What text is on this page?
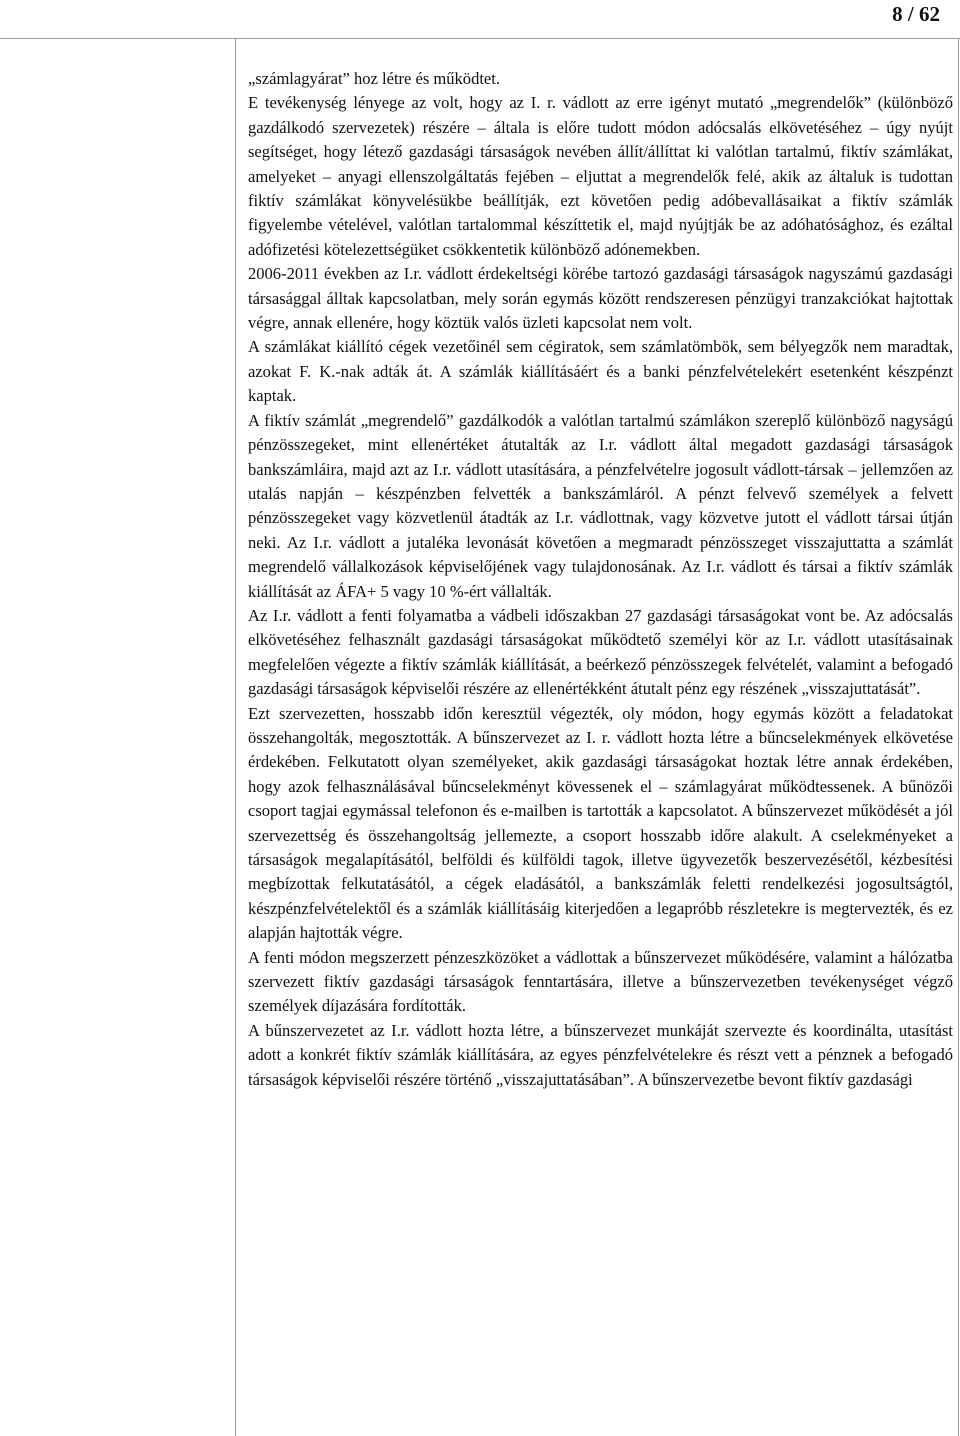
8 / 62

„számlagyárat” hoz létre és működtet.

E tevékenység lényege az volt, hogy az I. r. vádlott az erre igényt mutató „megrendelők” (különböző gazdálkodó szervezetek) részére – általa is előre tudott módon adócsalás elkövetéséhez – úgy nyújt segítséget, hogy létező gazdasági társaságok nevében állít/állíttat ki valótlan tartalmú, fiktív számlákat, amelyeket – anyagi ellenszolgáltatás fejében – eljuttat a megrendelők felé, akik az általuk is tudottan fiktív számlákat könyvelésükbe beállítják, ezt követően pedig adóbevallásaikat a fiktív számlák figyelembe vételével, valótlan tartalommal készíttetik el, majd nyújtják be az adóhatósághoz, és ezáltal adófizetési kötelezettségüket csökkentetik különböző adónemekben.

2006-2011 években az I.r. vádlott érdekeltségi körébe tartozó gazdasági társaságok nagyszámú gazdasági társasággal álltak kapcsolatban, mely során egymás között rendszeresen pénzügyi tranzakciókat hajtottak végre, annak ellenére, hogy köztük valós üzleti kapcsolat nem volt.

A számlákat kiállító cégek vezetőinél sem cégiratok, sem számlatömbök, sem bélyegzők nem maradtak, azokat F. K.-nak adták át. A számlák kiállításáért és a banki pénzfelvételekért esetenként készpénzt kaptak.

A fiktív számlát „megrendelő” gazdálkodók a valótlan tartalmú számlákon szereplő különböző nagyságú pénzösszegeket, mint ellenértéket átutalták az I.r. vádlott által megadott gazdasági társaságok bankszámláira, majd azt az I.r. vádlott utasítására, a pénzfelvételre jogosult vádlott-társak – jellemzően az utalás napján – készpénzben felvették a bankszámláról. A pénzt felvevő személyek a felvett pénzösszegeket vagy közvetlenül átadták az I.r. vádlottnak, vagy közvetve jutott el vádlott társai útján neki. Az I.r. vádlott a jutaléka levonását követően a megmaradt pénzösszeget visszajuttatta a számlát megrendelő vállalkozások képviselőjének vagy tulajdonosának. Az I.r. vádlott és társai a fiktív számlák kiállítását az ÁFA+ 5 vagy 10 %-ért vállalták.

Az I.r. vádlott a fenti folyamatba a vádbeli időszakban 27 gazdasági társaságokat vont be. Az adócsalás elkövetéséhez felhasznált gazdasági társaságokat működtető személyi kör az I.r. vádlott utasításainak megfelelően végezte a fiktív számlák kiállítását, a beérkező pénzösszegek felvételét, valamint a befogadó gazdasági társaságok képviselői részére az ellenértékként átutalt pénz egy részének „visszajuttatását”.

Ezt szervezetten, hosszabb időn keresztül végezték, oly módon, hogy egymás között a feladatokat összehangolták, megosztották. A bűnszervezet az I. r. vádlott hozta létre a bűncselekmények elkövetése érdekében. Felkutatott olyan személyeket, akik gazdasági társaságokat hoztak létre annak érdekében, hogy azok felhasználásával bűncselekményt kövessenek el – számlagyárat működtessenek. A bűnözői csoport tagjai egymással telefonon és e-mailben is tartották a kapcsolatot. A bűnszervezet működését a jól szervezettség és összehangoltság jellemezte, a csoport hosszabb időre alakult. A cselekményeket a társaságok megalapításától, belföldi és külföldi tagok, illetve ügyvezetők beszervezésétől, kézbesítési megbízottak felkutatásától, a cégek eladásától, a bankszámlák feletti rendelkezési jogosultságtól, készpénzfelvételektől és a számlák kiállításáig kiterjedően a legapróbb részletekre is megtervezték, és ez alapján hajtották végre.

A fenti módon megszerzett pénzeszközöket a vádlottak a bűnszervezet működésére, valamint a hálózatba szervezett fiktív gazdasági társaságok fenntartására, illetve a bűnszervezetben tevékenységet végző személyek díjazására fordították.

A bűnszervezetet az I.r. vádlott hozta létre, a bűnszervezet munkáját szervezte és koordinálta, utasítást adott a konkrét fiktív számlák kiállítására, az egyes pénzfelvételekre és részt vett a pénznek a befogadó társaságok képviselői részére történő „visszajuttatásában”. A bűnszervezetbe bevont fiktív gazdasági
